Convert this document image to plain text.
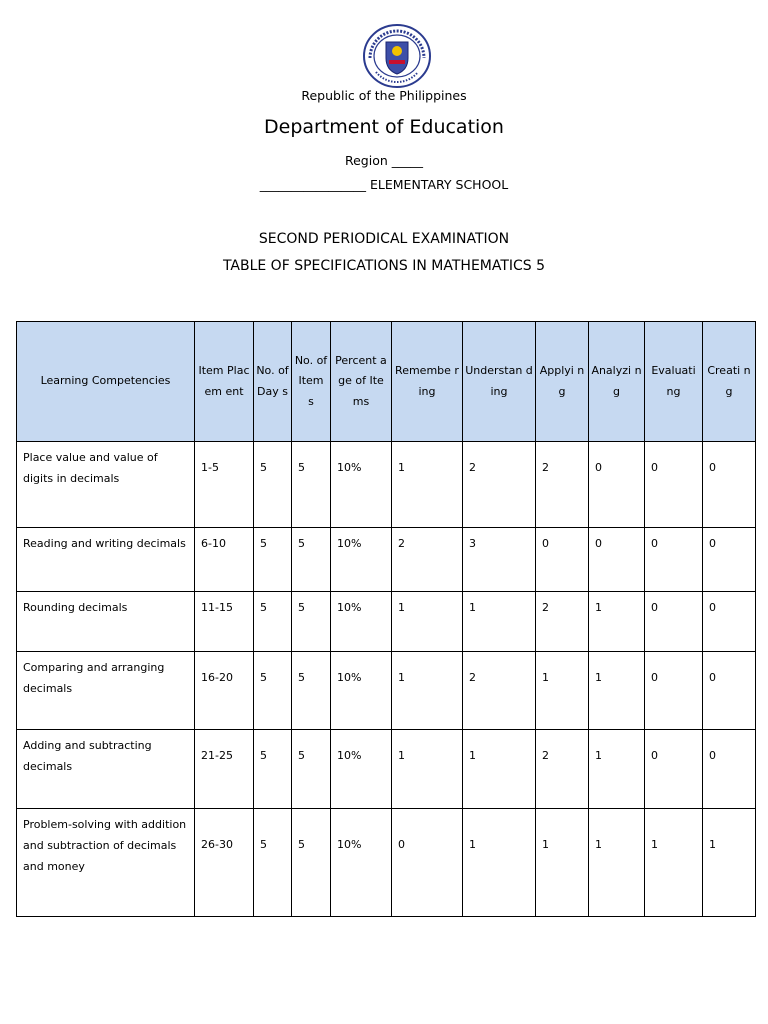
Republic of the Philippines
Department of Education
Region _____
_________________ ELEMENTARY SCHOOL
SECOND PERIODICAL EXAMINATION
TABLE OF SPECIFICATIONS IN MATHEMATICS 5
Learning Competencies	Item Placem ent	No. of Day s	No. of Item s	Percent age of Items	Remembe ring	Understan ding	Applyi ng	Analyzi ng	Evaluati ng	Creati ng
Place value and value of digits in decimals	1-5	5	5	10%	1	2	2	0	0	0
Reading and writing decimals	6-10	5	5	10%	2	3	0	0	0	0
Rounding decimals	11-15	5	5	10%	1	1	2	1	0	0
Comparing and arranging decimals	16-20	5	5	10%	1	2	1	1	0	0
Adding and subtracting decimals	21-25	5	5	10%	1	1	2	1	0	0
Problem-solving with addition and subtraction of decimals and money	26-30	5	5	10%	0	1	1	1	1	1
